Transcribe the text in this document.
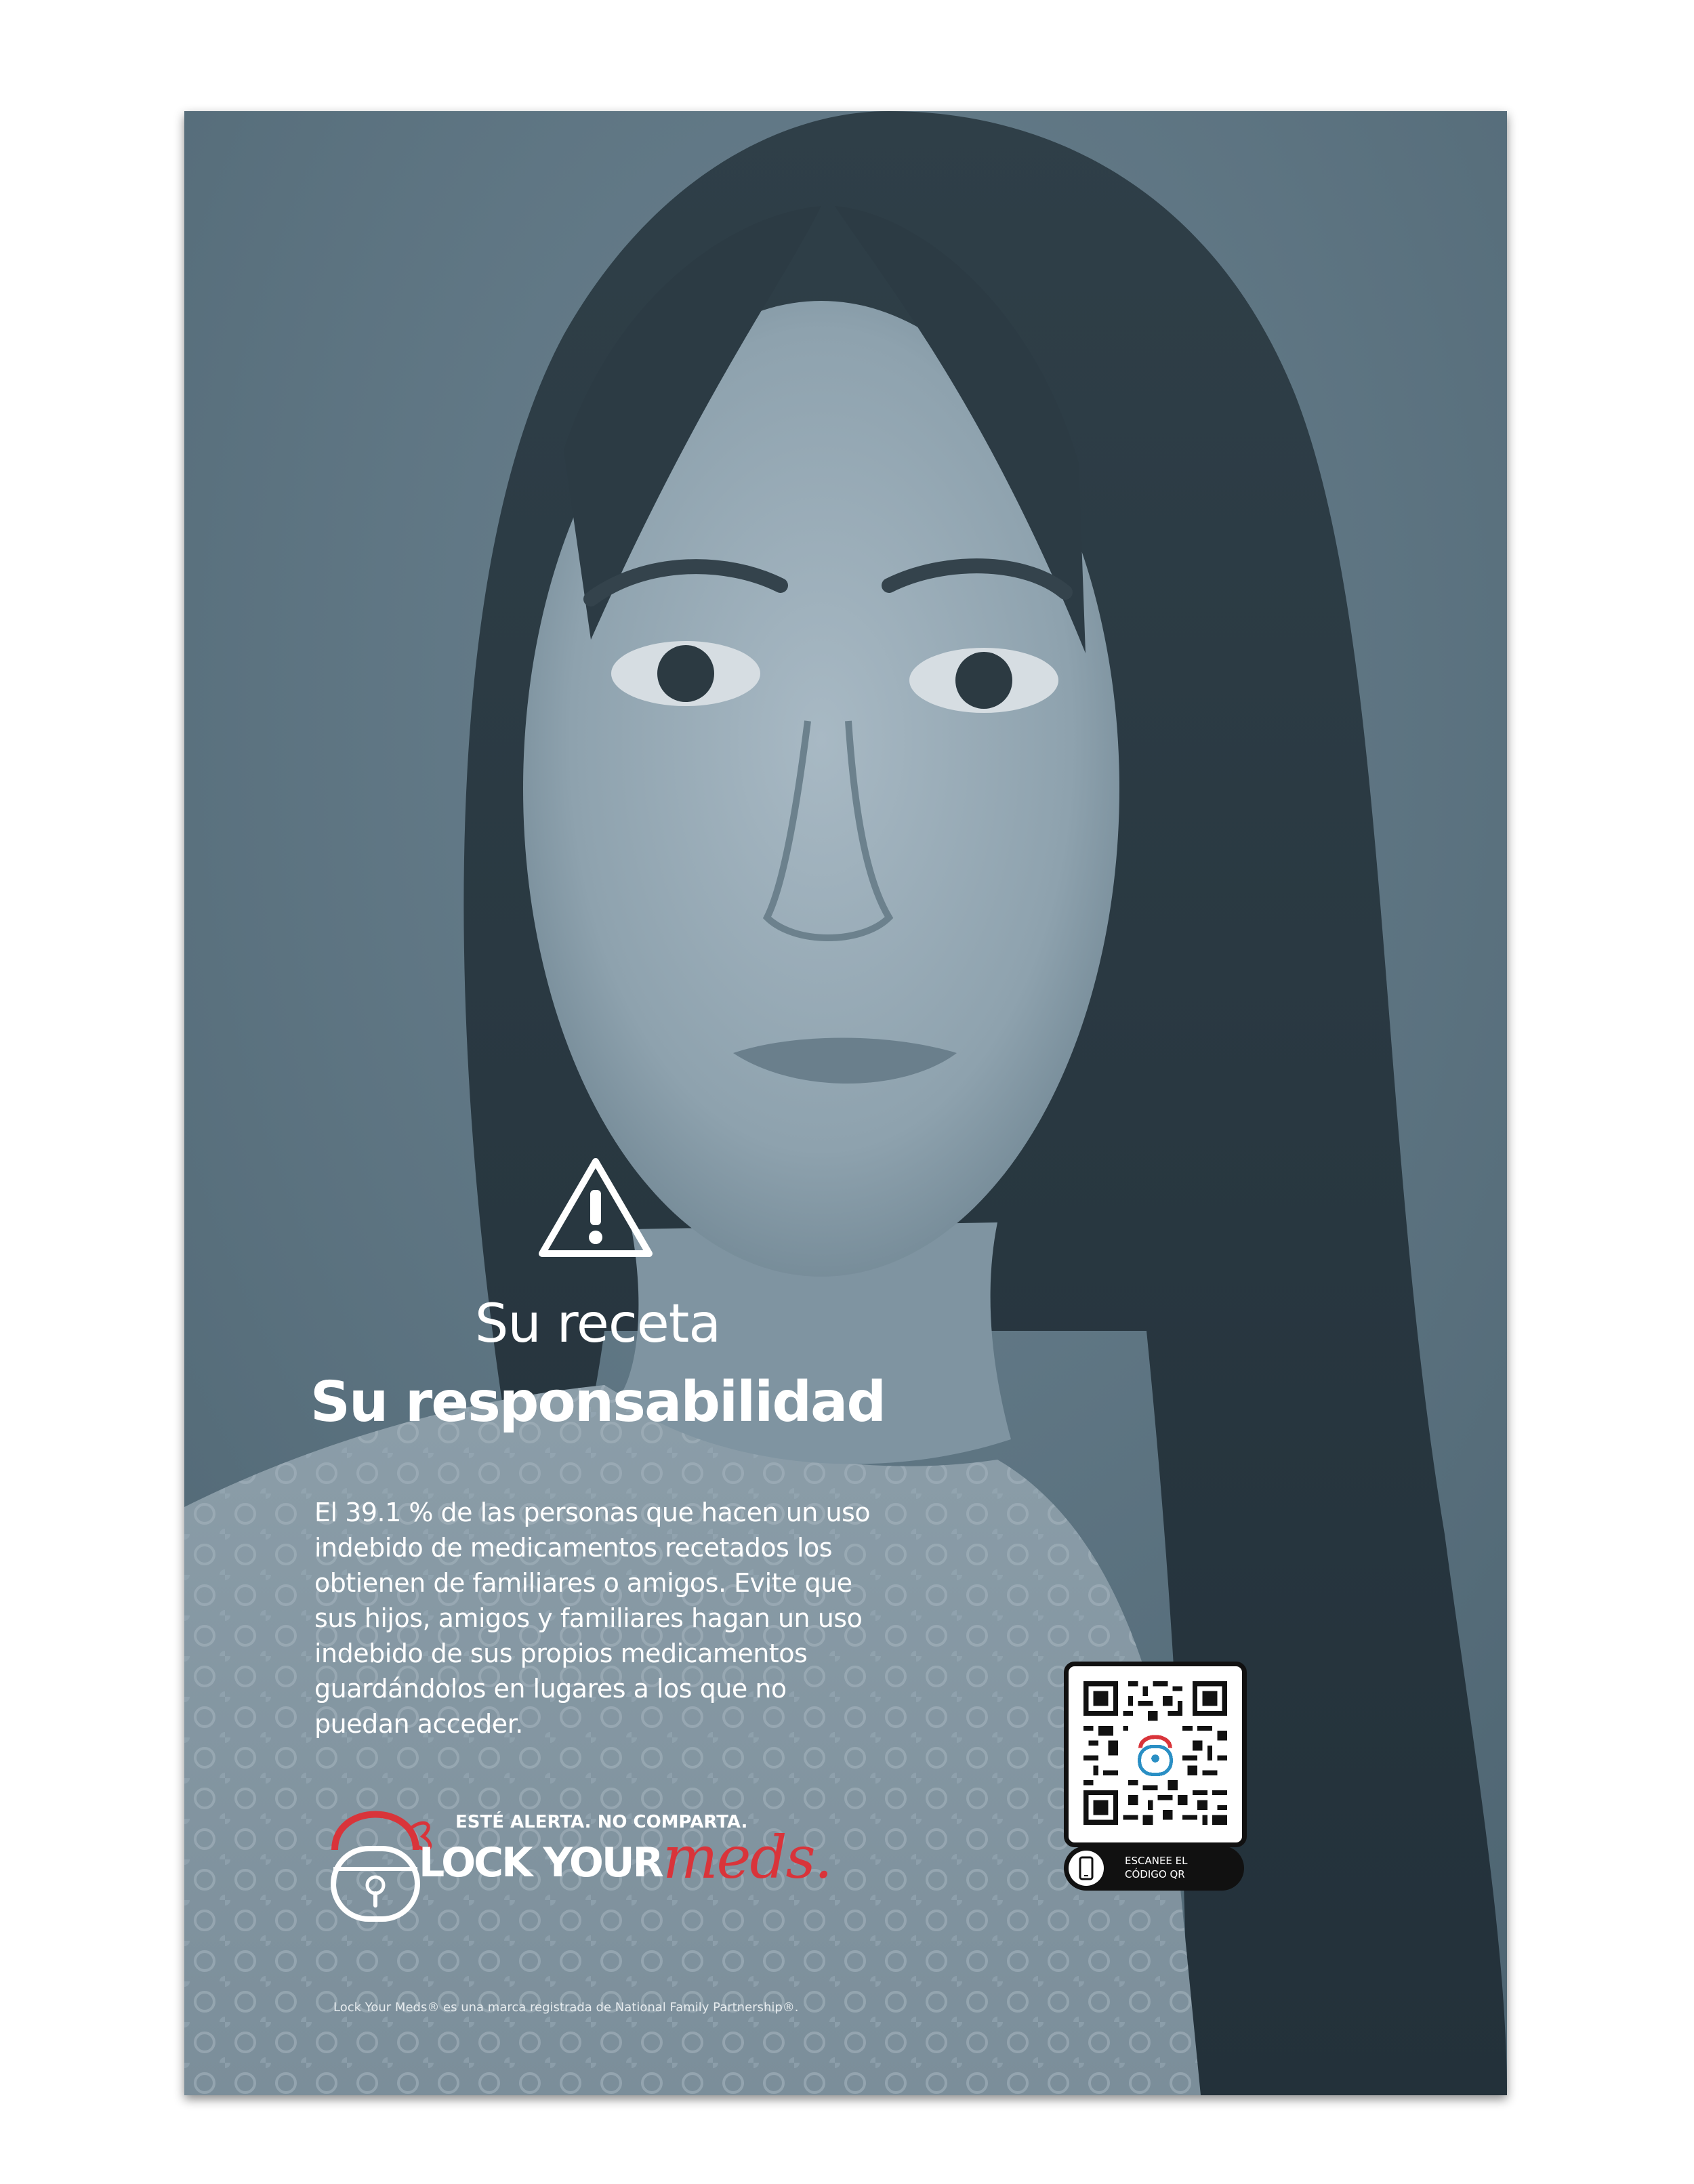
Su receta
Su responsabilidad
El 39.1 % de las personas que hacen un uso
indebido de medicamentos recetados los
obtienen de familiares o amigos. Evite que
sus hijos, amigos y familiares hagan un uso
indebido de sus propios medicamentos
guardándolos en lugares a los que no
puedan acceder.
ESTÉ ALERTA. NO COMPARTA.
LOCK YOUR meds.
Lock Your Meds® es una marca registrada de National Family Partnership®.
ESCANEE EL
CÓDIGO QR
